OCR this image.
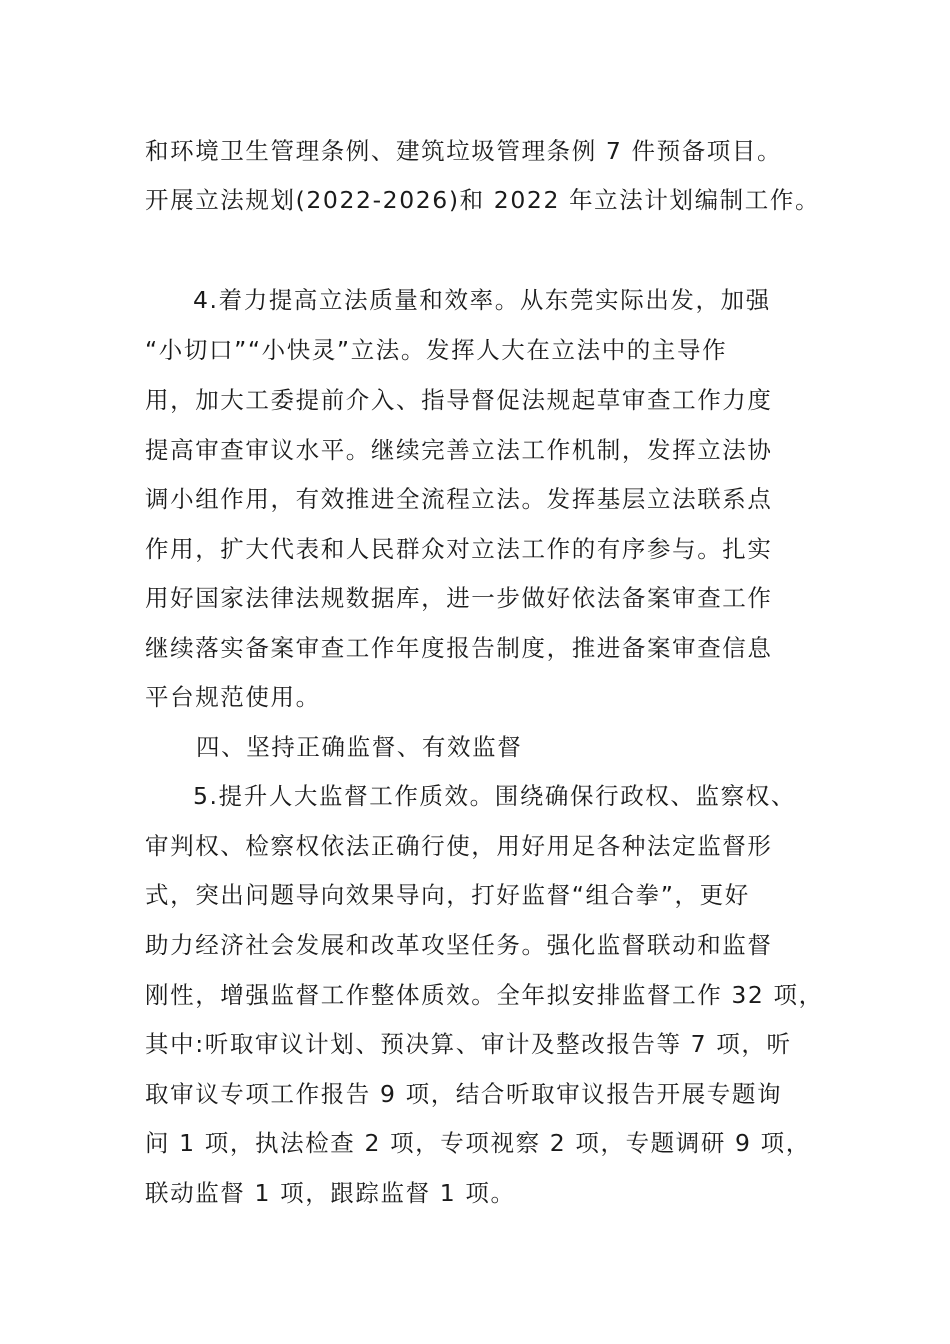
和环境卫生管理条例、建筑垃圾管理条例 7 件预备项目。
开展立法规划(2022-2026)和 2022 年立法计划编制工作。
4.着力提高立法质量和效率。从东莞实际出发，加强
“小切口”“小快灵”立法。发挥人大在立法中的主导作
用，加大工委提前介入、指导督促法规起草审查工作力度
提高审查审议水平。继续完善立法工作机制，发挥立法协
调小组作用，有效推进全流程立法。发挥基层立法联系点
作用，扩大代表和人民群众对立法工作的有序参与。扎实
用好国家法律法规数据库，进一步做好依法备案审查工作
继续落实备案审查工作年度报告制度，推进备案审查信息
平台规范使用。
四、坚持正确监督、有效监督
5.提升人大监督工作质效。围绕确保行政权、监察权、
审判权、检察权依法正确行使，用好用足各种法定监督形
式，突出问题导向效果导向，打好监督“组合拳”，更好
助力经济社会发展和改革攻坚任务。强化监督联动和监督
刚性，增强监督工作整体质效。全年拟安排监督工作 32 项，
其中:听取审议计划、预决算、审计及整改报告等 7 项，听
取审议专项工作报告 9 项，结合听取审议报告开展专题询
问 1 项，执法检查 2 项，专项视察 2 项，专题调研 9 项，
联动监督 1 项，跟踪监督 1 项。
